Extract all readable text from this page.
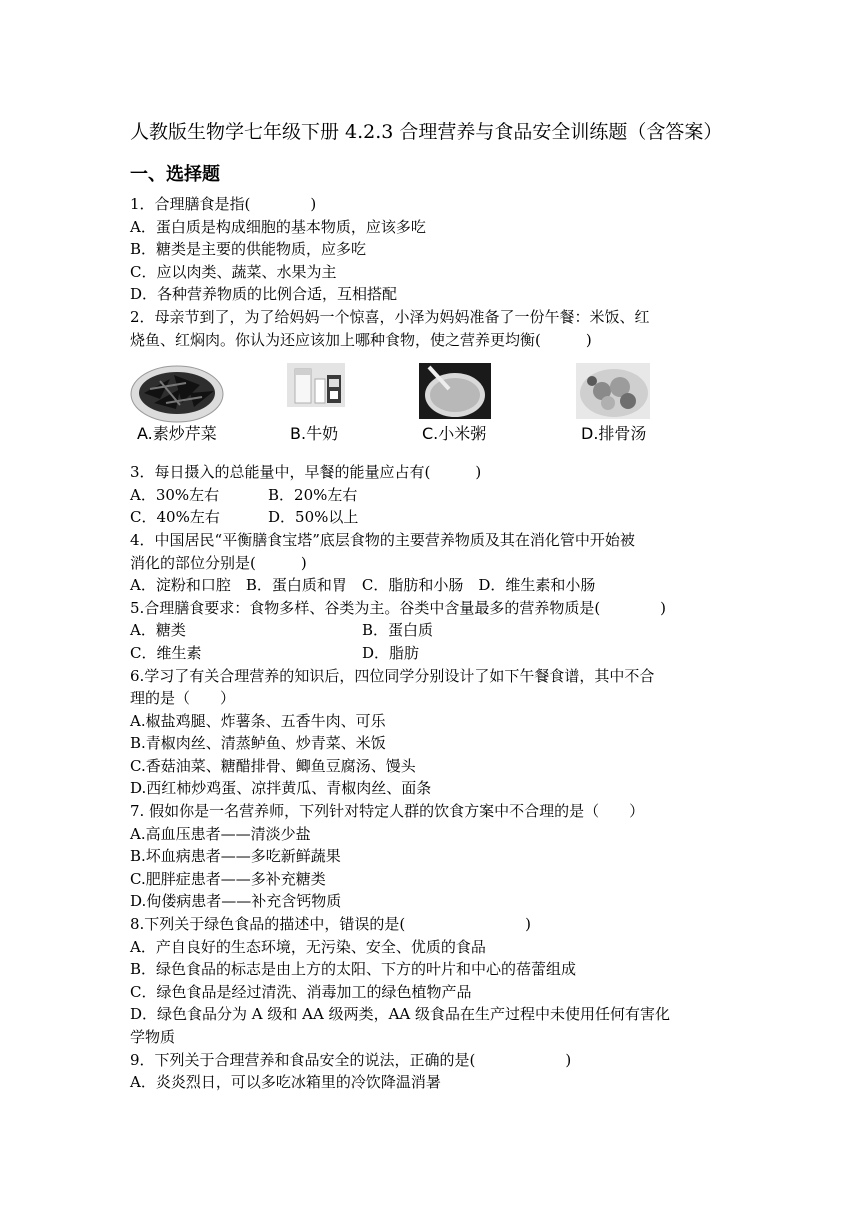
人教版生物学七年级下册 4.2.3 合理营养与食品安全训练题（含答案）
一、选择题
1．合理膳食是指(　　　　)
A．蛋白质是构成细胞的基本物质，应该多吃
B．糖类是主要的供能物质，应多吃
C．应以肉类、蔬菜、水果为主
D．各种营养物质的比例合适，互相搭配
2．母亲节到了，为了给妈妈一个惊喜，小泽为妈妈准备了一份午餐：米饭、红
烧鱼、红焖肉。你认为还应该加上哪种食物，使之营养更均衡(　　　)
A.素炒芹菜	B.牛奶	C.小米粥	D.排骨汤
3．每日摄入的总能量中，早餐的能量应占有(　　　)
A．30%左右	B．20%左右
C．40%左右	D．50%以上
4．中国居民“平衡膳食宝塔”底层食物的主要营养物质及其在消化管中开始被
消化的部位分别是(　　　)
A．淀粉和口腔　B．蛋白质和胃　C．脂肪和小肠　D．维生素和小肠
5.合理膳食要求：食物多样、谷类为主。谷类中含量最多的营养物质是(　　　　)
A．糖类	B．蛋白质
C．维生素	D．脂肪
6.学习了有关合理营养的知识后，四位同学分别设计了如下午餐食谱，其中不合
理的是（　　）
A.椒盐鸡腿、炸薯条、五香牛肉、可乐
B.青椒肉丝、清蒸鲈鱼、炒青菜、米饭
C.香菇油菜、糖醋排骨、鲫鱼豆腐汤、馒头
D.西红柿炒鸡蛋、凉拌黄瓜、青椒肉丝、面条
7. 假如你是一名营养师，下列针对特定人群的饮食方案中不合理的是（　　）
A.高血压患者——清淡少盐
B.坏血病患者——多吃新鲜蔬果
C.肥胖症患者——多补充糖类
D.佝偻病患者——补充含钙物质
8.下列关于绿色食品的描述中，错误的是(　　　　　　　　)
A．产自良好的生态环境，无污染、安全、优质的食品
B．绿色食品的标志是由上方的太阳、下方的叶片和中心的蓓蕾组成
C．绿色食品是经过清洗、消毒加工的绿色植物产品
D．绿色食品分为 A 级和 AA 级两类，AA 级食品在生产过程中未使用任何有害化
学物质
9．下列关于合理营养和食品安全的说法，正确的是(　　　　　　)
A．炎炎烈日，可以多吃冰箱里的冷饮降温消暑
